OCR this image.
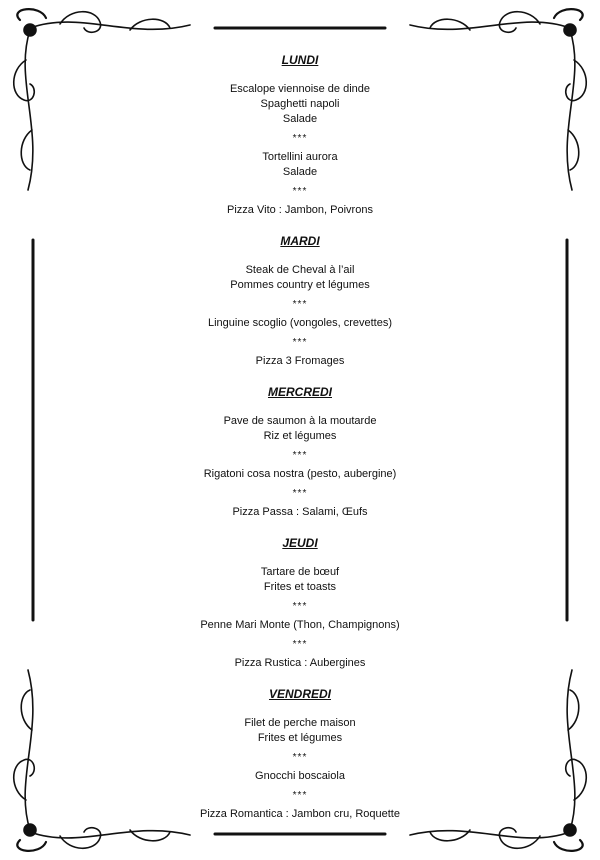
LUNDI

Escalope viennoise de dinde

Spaghetti napoli

Salade

***

Tortellini aurora

Salade

***
Pizza Vito : Jambon, Poivrons
MARDI

Steak de Cheval à l’ail

Pommes country et légumes

***
Linguine scoglio (vongoles, crevettes)
***
Pizza 3 Fromages
MERCREDI

Pave de saumon à la moutarde

Riz et légumes

***
Rigatoni cosa nostra (pesto, aubergine)
***
Pizza Passa : Salami, Œufs
JEUDI

Tartare de bœuf

Frites et toasts

***
Penne Mari Monte (Thon, Champignons)
***
Pizza Rustica : Aubergines
VENDREDI

Filet de perche maison

Frites et légumes

***
Gnocchi boscaiola
***
Pizza Romantica : Jambon cru, Roquette
